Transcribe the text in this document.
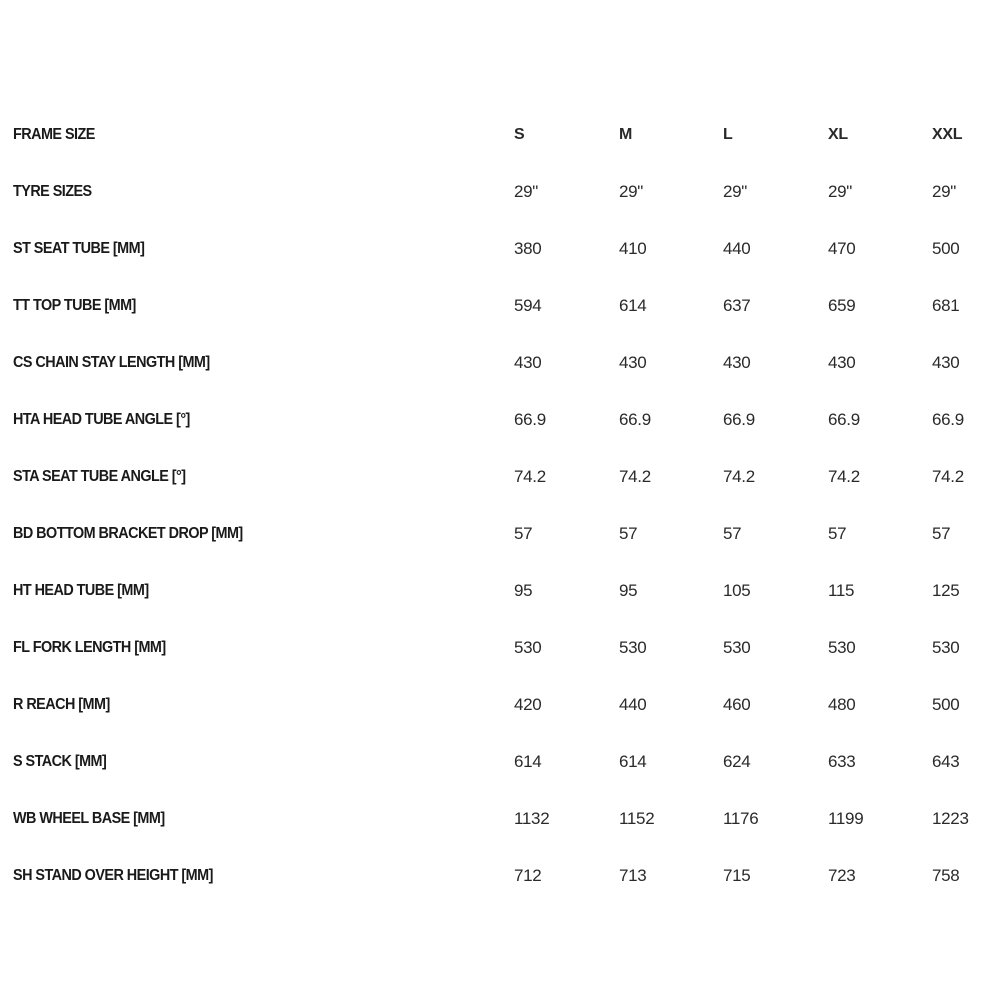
FRAME SIZE	S	M	L	XL	XXL
TYRE SIZES	29"	29"	29"	29"	29"
ST SEAT TUBE [MM]	380	410	440	470	500
TT TOP TUBE [MM]	594	614	637	659	681
CS CHAIN STAY LENGTH [MM]	430	430	430	430	430
HTA HEAD TUBE ANGLE [°]	66.9	66.9	66.9	66.9	66.9
STA SEAT TUBE ANGLE [°]	74.2	74.2	74.2	74.2	74.2
BD BOTTOM BRACKET DROP [MM]	57	57	57	57	57
HT HEAD TUBE [MM]	95	95	105	115	125
FL FORK LENGTH [MM]	530	530	530	530	530
R REACH [MM]	420	440	460	480	500
S STACK [MM]	614	614	624	633	643
WB WHEEL BASE [MM]	1132	1152	1176	1199	1223
SH STAND OVER HEIGHT [MM]	712	713	715	723	758
